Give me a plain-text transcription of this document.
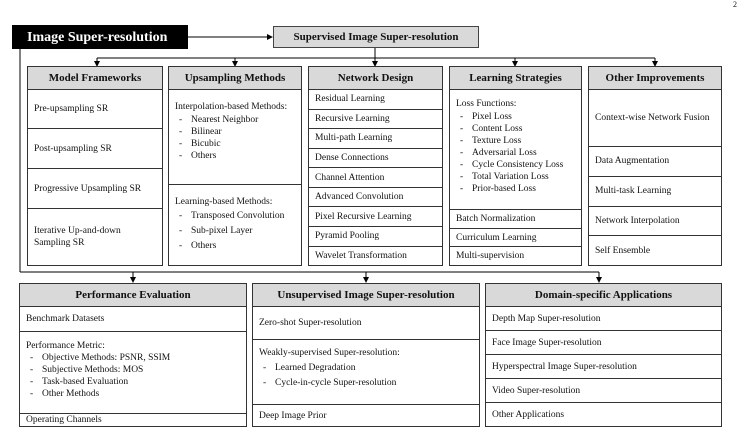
Image Super-resolution	Supervised Image Super-resolution
2
Model Frameworks
Pre-upsampling SR
Post-upsampling SR
Progressive Upsampling SR
Iterative Up-and-down Sampling SR
Upsampling Methods
Interpolation-based Methods:
- Nearest Neighbor
- Bilinear
- Bicubic
- Others
Learning-based Methods:
- Transposed Convolution
- Sub-pixel Layer
- Others
Network Design
Residual Learning
Recursive Learning
Multi-path Learning
Dense Connections
Channel Attention
Advanced Convolution
Pixel Recursive Learning
Pyramid Pooling
Wavelet Transformation
Learning Strategies
Loss Functions:
- Pixel Loss
- Content Loss
- Texture Loss
- Adversarial Loss
- Cycle Consistency Loss
- Total Variation Loss
- Prior-based Loss
Batch Normalization
Curriculum Learning
Multi-supervision
Other Improvements
Context-wise Network Fusion
Data Augmentation
Multi-task Learning
Network Interpolation
Self Ensemble
Performance Evaluation
Benchmark Datasets
Performance Metric:
- Objective Methods: PSNR, SSIM
- Subjective Methods: MOS
- Task-based Evaluation
- Other Methods
Operating Channels
Unsupervised Image Super-resolution
Zero-shot Super-resolution
Weakly-supervised Super-resolution:
- Learned Degradation
- Cycle-in-cycle Super-resolution
Deep Image Prior
Domain-specific Applications
Depth Map Super-resolution
Face Image Super-resolution
Hyperspectral Image Super-resolution
Video Super-resolution
Other Applications
